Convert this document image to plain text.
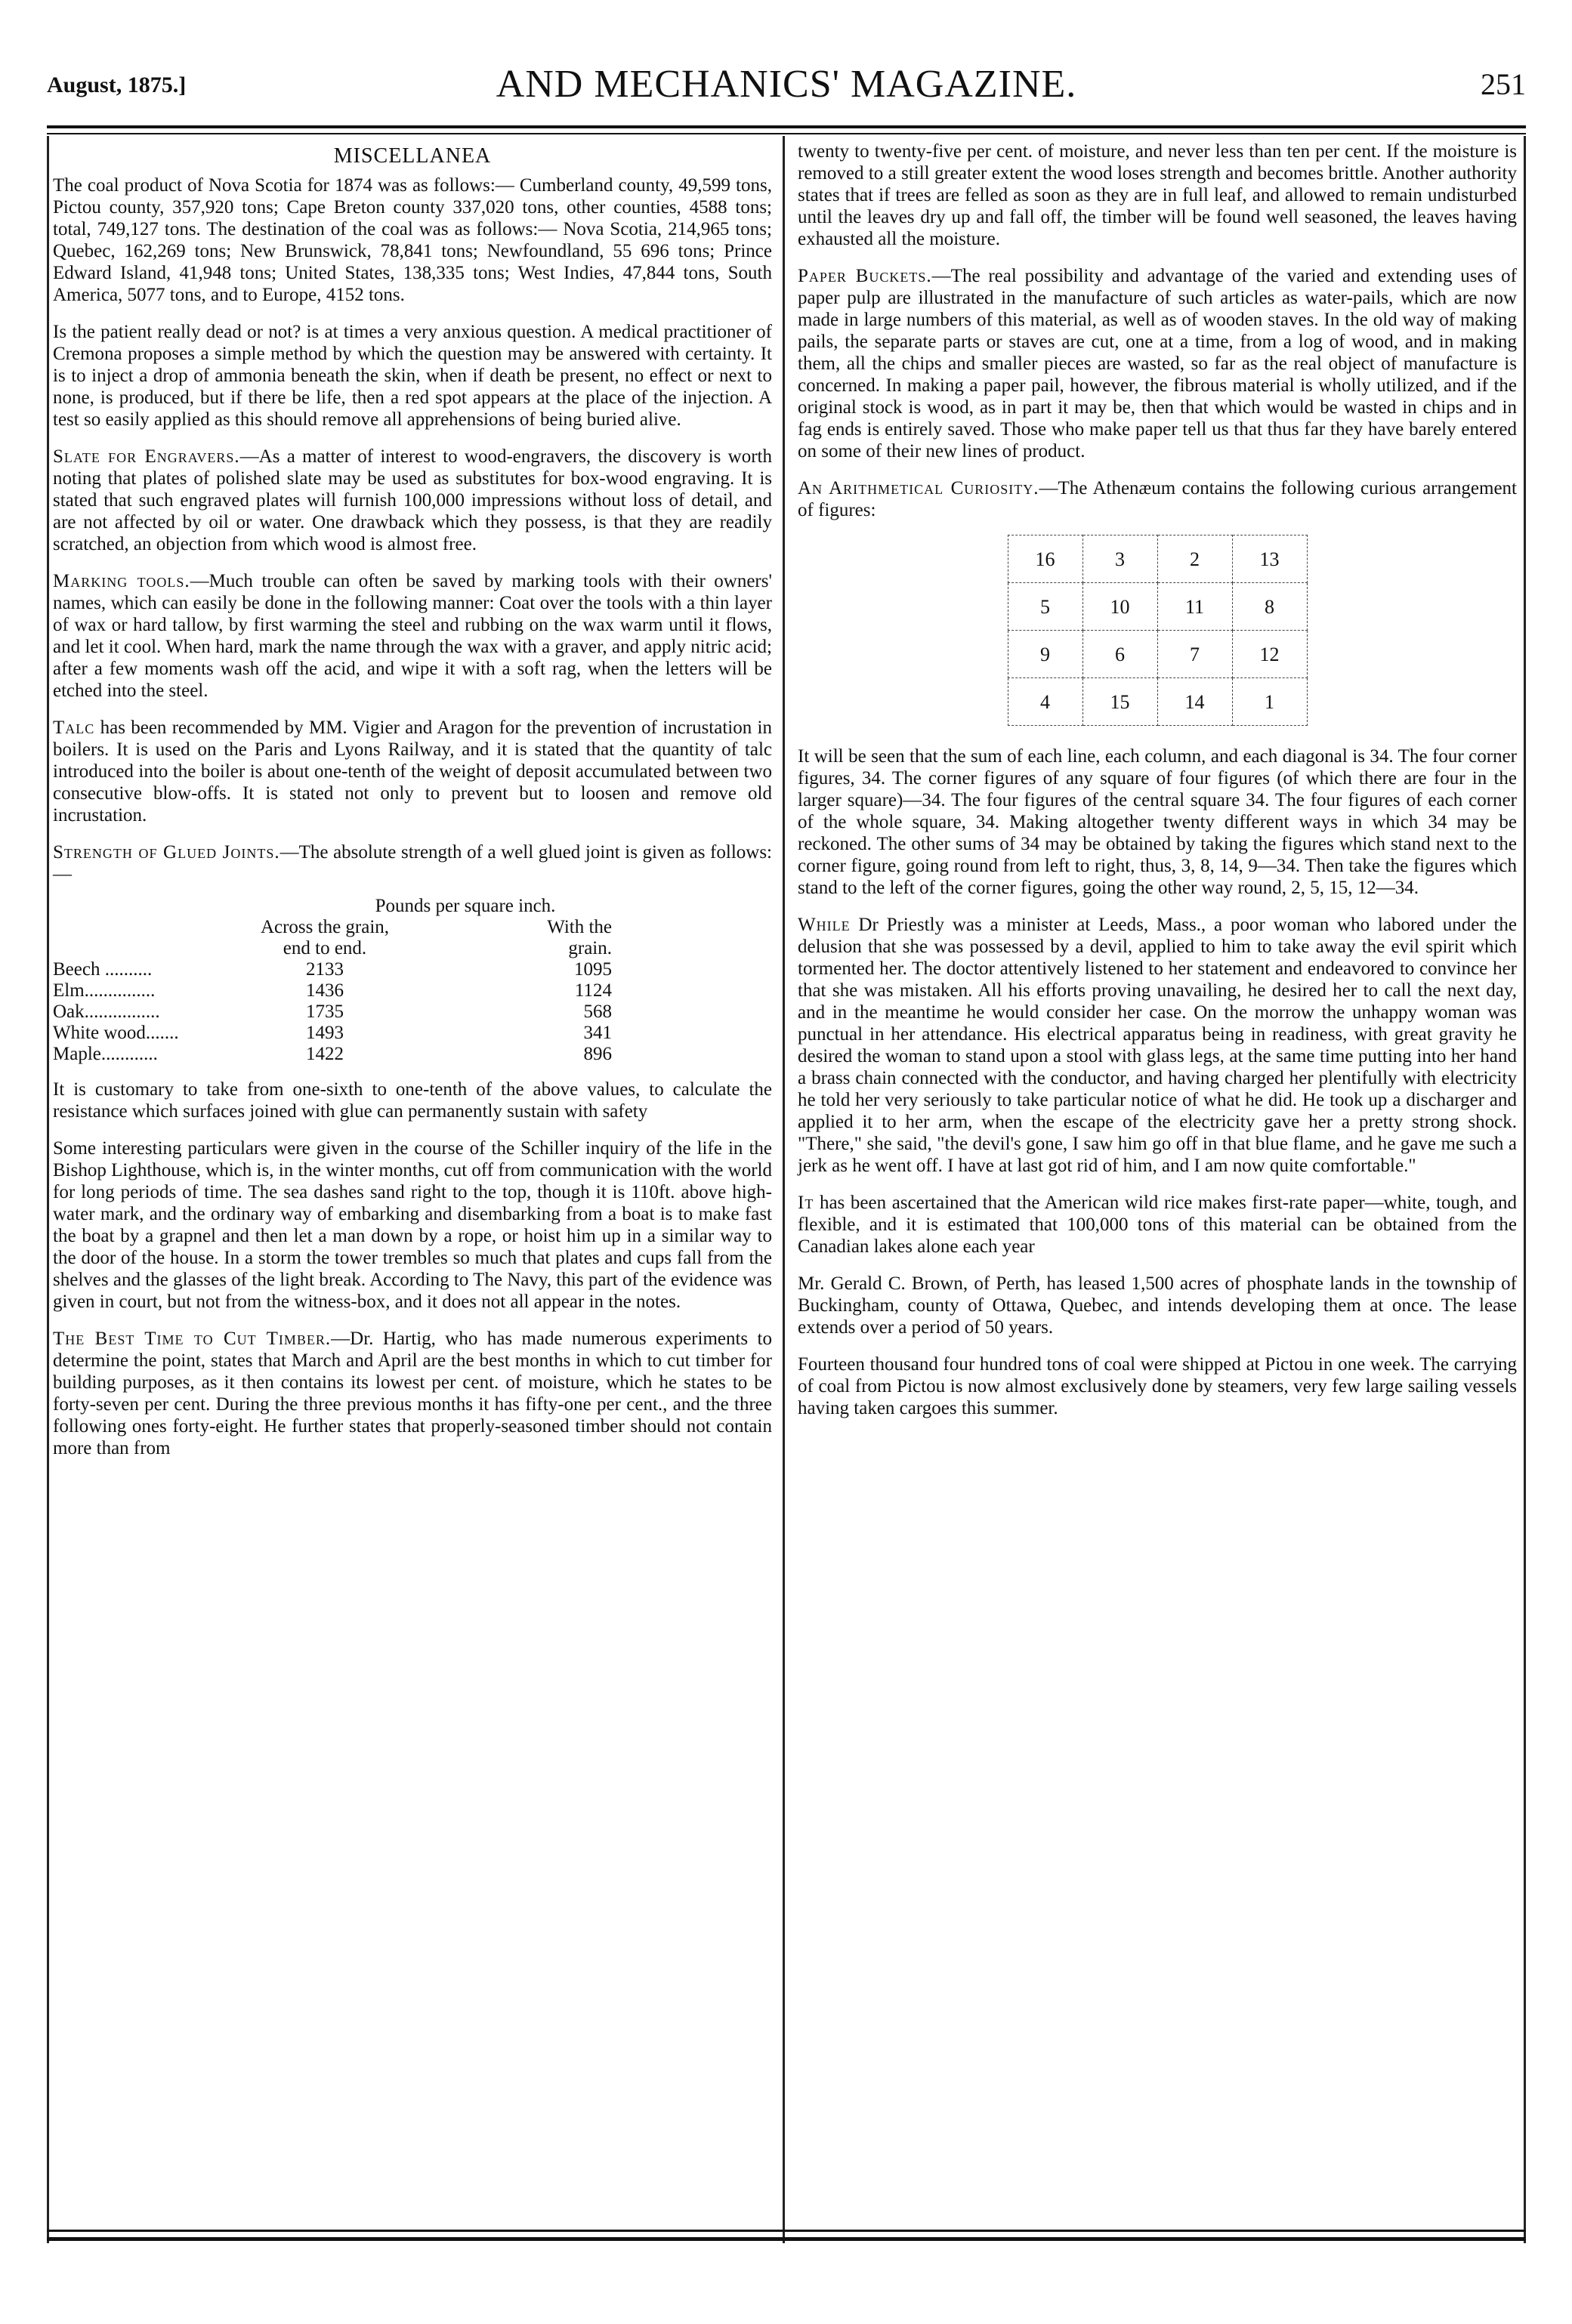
August, 1875.]	AND MECHANICS' MAGAZINE.	251
MISCELLANEA

The coal product of Nova Scotia for 1874 was as follows:— Cumberland county, 49,599 tons, Pictou county, 357,920 tons; Cape Breton county 337,020 tons, other counties, 4588 tons; total, 749,127 tons. The destination of the coal was as follows:— Nova Scotia, 214,965 tons; Quebec, 162,269 tons; New Brunswick, 78,841 tons; Newfoundland, 55 696 tons; Prince Edward Island, 41,948 tons; United States, 138,335 tons; West Indies, 47,844 tons, South America, 5077 tons, and to Europe, 4152 tons.

Is the patient really dead or not? is at times a very anxious question. A medical practitioner of Cremona proposes a simple method by which the question may be answered with certainty. It is to inject a drop of ammonia beneath the skin, when if death be present, no effect or next to none, is produced, but if there be life, then a red spot appears at the place of the injection. A test so easily applied as this should remove all apprehensions of being buried alive.

Slate for Engravers.—As a matter of interest to wood-engravers, the discovery is worth noting that plates of polished slate may be used as substitutes for box-wood engraving. It is stated that such engraved plates will furnish 100,000 impressions without loss of detail, and are not affected by oil or water. One drawback which they possess, is that they are readily scratched, an objection from which wood is almost free.

Marking tools.—Much trouble can often be saved by marking tools with their owners' names, which can easily be done in the following manner: Coat over the tools with a thin layer of wax or hard tallow, by first warming the steel and rubbing on the wax warm until it flows, and let it cool. When hard, mark the name through the wax with a graver, and apply nitric acid; after a few moments wash off the acid, and wipe it with a soft rag, when the letters will be etched into the steel.

Talc has been recommended by MM. Vigier and Aragon for the prevention of incrustation in boilers. It is used on the Paris and Lyons Railway, and it is stated that the quantity of talc introduced into the boiler is about one-tenth of the weight of deposit accumulated between two consecutive blow-offs. It is stated not only to prevent but to loosen and remove old incrustation.

Strength of Glued Joints.—The absolute strength of a well glued joint is given as follows:—

Pounds per square inch.
Across the grain,	With the
end to end.	grain.
Beech ..........	2133	1095
Elm...............	1436	1124
Oak................	1735	568
White wood.......	1493	341
Maple............	1422	896

It is customary to take from one-sixth to one-tenth of the above values, to calculate the resistance which surfaces joined with glue can permanently sustain with safety

Some interesting particulars were given in the course of the Schiller inquiry of the life in the Bishop Lighthouse, which is, in the winter months, cut off from communication with the world for long periods of time. The sea dashes sand right to the top, though it is 110ft. above high-water mark, and the ordinary way of embarking and disembarking from a boat is to make fast the boat by a grapnel and then let a man down by a rope, or hoist him up in a similar way to the door of the house. In a storm the tower trembles so much that plates and cups fall from the shelves and the glasses of the light break. According to The Navy, this part of the evidence was given in court, but not from the witness-box, and it does not all appear in the notes.

The Best Time to Cut Timber.—Dr. Hartig, who has made numerous experiments to determine the point, states that March and April are the best months in which to cut timber for building purposes, as it then contains its lowest per cent. of moisture, which he states to be forty-seven per cent. During the three previous months it has fifty-one per cent., and the three following ones forty-eight. He further states that properly-seasoned timber should not contain more than from

twenty to twenty-five per cent. of moisture, and never less than ten per cent. If the moisture is removed to a still greater extent the wood loses strength and becomes brittle. Another authority states that if trees are felled as soon as they are in full leaf, and allowed to remain undisturbed until the leaves dry up and fall off, the timber will be found well seasoned, the leaves having exhausted all the moisture.

Paper Buckets.—The real possibility and advantage of the varied and extending uses of paper pulp are illustrated in the manufacture of such articles as water-pails, which are now made in large numbers of this material, as well as of wooden staves. In the old way of making pails, the separate parts or staves are cut, one at a time, from a log of wood, and in making them, all the chips and smaller pieces are wasted, so far as the real object of manufacture is concerned. In making a paper pail, however, the fibrous material is wholly utilized, and if the original stock is wood, as in part it may be, then that which would be wasted in chips and in fag ends is entirely saved. Those who make paper tell us that thus far they have barely entered on some of their new lines of product.

An Arithmetical Curiosity.—The Athenæum contains the following curious arrangement of figures:

16	3	2	13
5	10	11	8
9	6	7	12
4	15	14	1

It will be seen that the sum of each line, each column, and each diagonal is 34. The four corner figures, 34. The corner figures of any square of four figures (of which there are four in the larger square)—34. The four figures of the central square 34. The four figures of each corner of the whole square, 34. Making altogether twenty different ways in which 34 may be reckoned. The other sums of 34 may be obtained by taking the figures which stand next to the corner figure, going round from left to right, thus, 3, 8, 14, 9—34. Then take the figures which stand to the left of the corner figures, going the other way round, 2, 5, 15, 12—34.

While Dr Priestly was a minister at Leeds, Mass., a poor woman who labored under the delusion that she was possessed by a devil, applied to him to take away the evil spirit which tormented her. The doctor attentively listened to her statement and endeavored to convince her that she was mistaken. All his efforts proving unavailing, he desired her to call the next day, and in the meantime he would consider her case. On the morrow the unhappy woman was punctual in her attendance. His electrical apparatus being in readiness, with great gravity he desired the woman to stand upon a stool with glass legs, at the same time putting into her hand a brass chain connected with the conductor, and having charged her plentifully with electricity he told her very seriously to take particular notice of what he did. He took up a discharger and applied it to her arm, when the escape of the electricity gave her a pretty strong shock. "There," she said, "the devil's gone, I saw him go off in that blue flame, and he gave me such a jerk as he went off. I have at last got rid of him, and I am now quite comfortable."

It has been ascertained that the American wild rice makes first-rate paper—white, tough, and flexible, and it is estimated that 100,000 tons of this material can be obtained from the Canadian lakes alone each year

Mr. Gerald C. Brown, of Perth, has leased 1,500 acres of phosphate lands in the township of Buckingham, county of Ottawa, Quebec, and intends developing them at once. The lease extends over a period of 50 years.

Fourteen thousand four hundred tons of coal were shipped at Pictou in one week. The carrying of coal from Pictou is now almost exclusively done by steamers, very few large sailing vessels having taken cargoes this summer.
